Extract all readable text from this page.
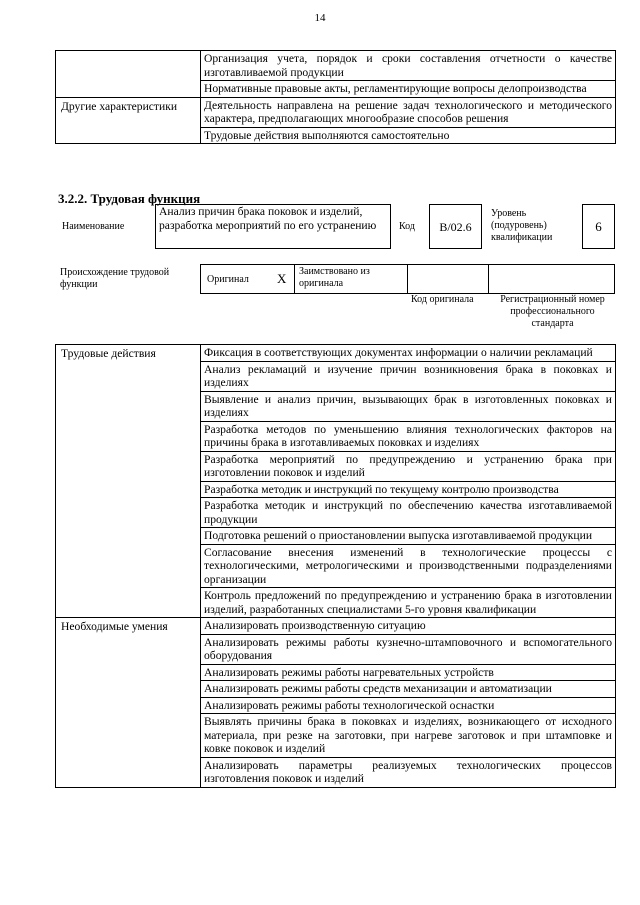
14
	Организация учета, порядок и сроки составления отчетности о качестве изготавливаемой продукции
	Нормативные правовые акты, регламентирующие вопросы делопроизводства
Другие характеристики	Деятельность направлена на решение задач технологического и методического характера, предполагающих многообразие способов решения
	Трудовые действия выполняются самостоятельно
3.2.2. Трудовая функция
Наименование
Анализ причин брака поковок и изделий, разработка мероприятий по его устранению	Код	B/02.6
Уровень (подуровень) квалификации
6
Происхождение трудовой функции	Оригинал X Заимствовано из оригинала
Код оригинала	Регистрационный номер профессионального стандарта
Трудовые действия	Фиксация в соответствующих документах информации о наличии рекламаций
	Анализ рекламаций и изучение причин возникновения брака в поковках и изделиях
	Выявление и анализ причин, вызывающих брак в изготовленных поковках и изделиях
	Разработка методов по уменьшению влияния технологических факторов на причины брака в изготавливаемых поковках и изделиях
	Разработка мероприятий по предупреждению и устранению брака при изготовлении поковок и изделий
	Разработка методик и инструкций по текущему контролю производства
	Разработка методик и инструкций по обеспечению качества изготавливаемой продукции
	Подготовка решений о приостановлении выпуска изготавливаемой продукции
	Согласование внесения изменений в технологические процессы с технологическими, метрологическими и производственными подразделениями организации
	Контроль предложений по предупреждению и устранению брака в изготовлении изделий, разработанных специалистами 5-го уровня квалификации
Необходимые умения	Анализировать производственную ситуацию
	Анализировать режимы работы кузнечно-штамповочного и вспомогательного оборудования
	Анализировать режимы работы нагревательных устройств
	Анализировать режимы работы средств механизации и автоматизации
	Анализировать режимы работы технологической оснастки
	Выявлять причины брака в поковках и изделиях, возникающего от исходного материала, при резке на заготовки, при нагреве заготовок и при штамповке и ковке поковок и изделий
	Анализировать параметры реализуемых технологических процессов изготовления поковок и изделий
